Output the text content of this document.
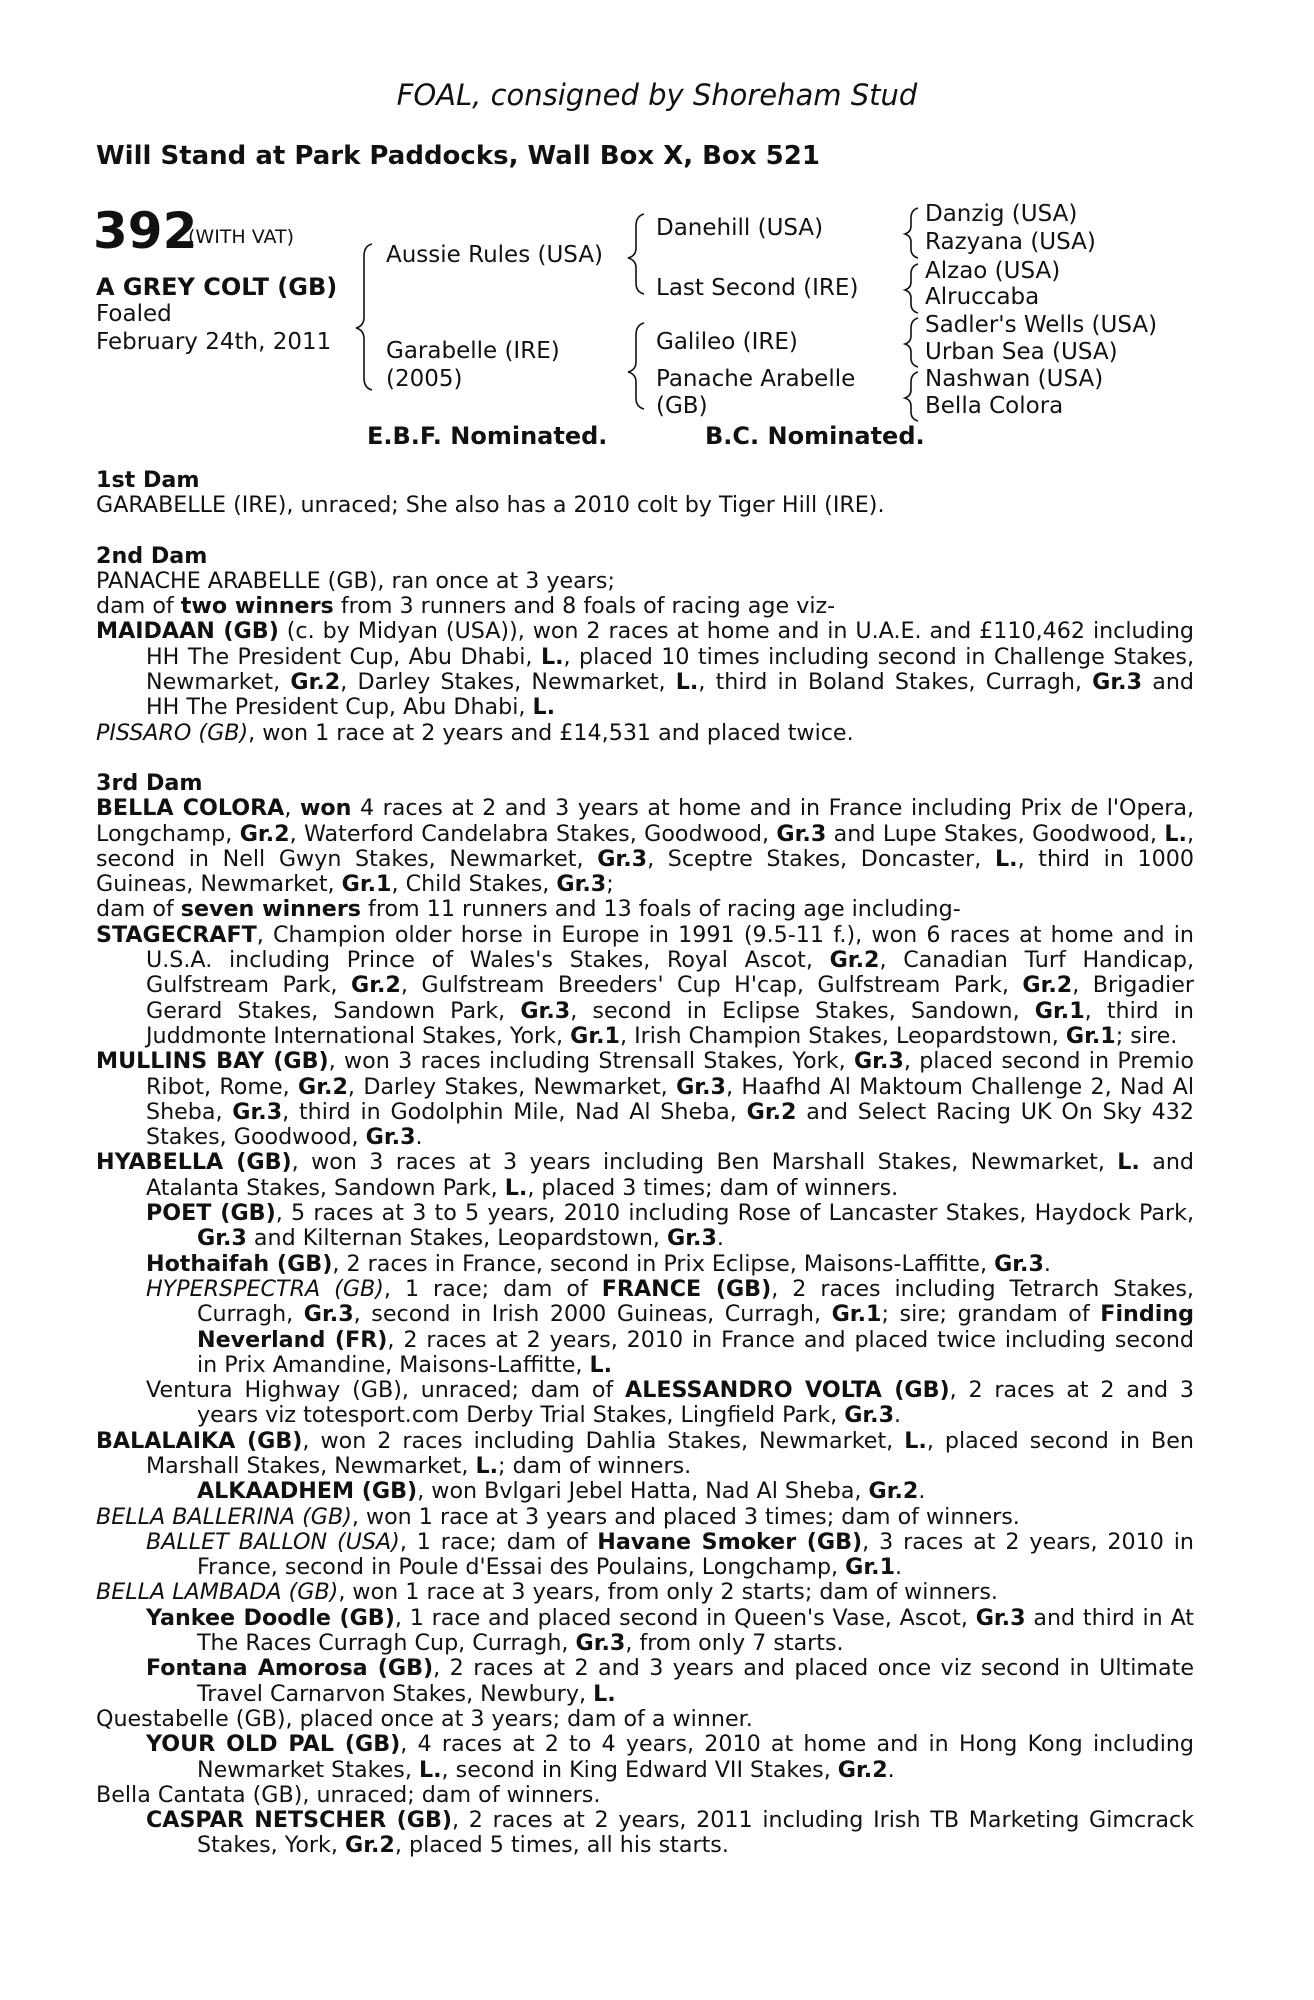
FOAL, consigned by Shoreham Stud
Will Stand at Park Paddocks, Wall Box X, Box 521
392
(WITH VAT)
A GREY COLT (GB)
Foaled
February 24th, 2011
Aussie Rules (USA)
Garabelle (IRE)
(2005)
Danehill (USA)
Last Second (IRE)
Galileo (IRE)
Panache Arabelle
(GB)
Danzig (USA)
Razyana (USA)
Alzao (USA)
Alruccaba
Sadler's Wells (USA)
Urban Sea (USA)
Nashwan (USA)
Bella Colora
E.B.F. Nominated.	B.C. Nominated.
1st Dam
GARABELLE (IRE), unraced; She also has a 2010 colt by Tiger Hill (IRE).
2nd Dam
PANACHE ARABELLE (GB), ran once at 3 years;
dam of two winners from 3 runners and 8 foals of racing age viz-
MAIDAAN (GB) (c. by Midyan (USA)), won 2 races at home and in U.A.E. and £110,462 including HH The President Cup, Abu Dhabi, L., placed 10 times including second in Challenge Stakes, Newmarket, Gr.2, Darley Stakes, Newmarket, L., third in Boland Stakes, Curragh, Gr.3 and HH The President Cup, Abu Dhabi, L.
PISSARO (GB), won 1 race at 2 years and £14,531 and placed twice.
3rd Dam
BELLA COLORA, won 4 races at 2 and 3 years at home and in France including Prix de l'Opera, Longchamp, Gr.2, Waterford Candelabra Stakes, Goodwood, Gr.3 and Lupe Stakes, Goodwood, L., second in Nell Gwyn Stakes, Newmarket, Gr.3, Sceptre Stakes, Doncaster, L., third in 1000 Guineas, Newmarket, Gr.1, Child Stakes, Gr.3;
dam of seven winners from 11 runners and 13 foals of racing age including-
STAGECRAFT, Champion older horse in Europe in 1991 (9.5-11 f.), won 6 races at home and in U.S.A. including Prince of Wales's Stakes, Royal Ascot, Gr.2, Canadian Turf Handicap, Gulfstream Park, Gr.2, Gulfstream Breeders' Cup H'cap, Gulfstream Park, Gr.2, Brigadier Gerard Stakes, Sandown Park, Gr.3, second in Eclipse Stakes, Sandown, Gr.1, third in Juddmonte International Stakes, York, Gr.1, Irish Champion Stakes, Leopardstown, Gr.1; sire.
MULLINS BAY (GB), won 3 races including Strensall Stakes, York, Gr.3, placed second in Premio Ribot, Rome, Gr.2, Darley Stakes, Newmarket, Gr.3, Haafhd Al Maktoum Challenge 2, Nad Al Sheba, Gr.3, third in Godolphin Mile, Nad Al Sheba, Gr.2 and Select Racing UK On Sky 432 Stakes, Goodwood, Gr.3.
HYABELLA (GB), won 3 races at 3 years including Ben Marshall Stakes, Newmarket, L. and Atalanta Stakes, Sandown Park, L., placed 3 times; dam of winners.
POET (GB), 5 races at 3 to 5 years, 2010 including Rose of Lancaster Stakes, Haydock Park, Gr.3 and Kilternan Stakes, Leopardstown, Gr.3.
Hothaifah (GB), 2 races in France, second in Prix Eclipse, Maisons-Laffitte, Gr.3.
HYPERSPECTRA (GB), 1 race; dam of FRANCE (GB), 2 races including Tetrarch Stakes, Curragh, Gr.3, second in Irish 2000 Guineas, Curragh, Gr.1; sire; grandam of Finding Neverland (FR), 2 races at 2 years, 2010 in France and placed twice including second in Prix Amandine, Maisons-Laffitte, L.
Ventura Highway (GB), unraced; dam of ALESSANDRO VOLTA (GB), 2 races at 2 and 3 years viz totesport.com Derby Trial Stakes, Lingfield Park, Gr.3.
BALALAIKA (GB), won 2 races including Dahlia Stakes, Newmarket, L., placed second in Ben Marshall Stakes, Newmarket, L.; dam of winners.
ALKAADHEM (GB), won Bvlgari Jebel Hatta, Nad Al Sheba, Gr.2.
BELLA BALLERINA (GB), won 1 race at 3 years and placed 3 times; dam of winners.
BALLET BALLON (USA), 1 race; dam of Havane Smoker (GB), 3 races at 2 years, 2010 in France, second in Poule d'Essai des Poulains, Longchamp, Gr.1.
BELLA LAMBADA (GB), won 1 race at 3 years, from only 2 starts; dam of winners.
Yankee Doodle (GB), 1 race and placed second in Queen's Vase, Ascot, Gr.3 and third in At The Races Curragh Cup, Curragh, Gr.3, from only 7 starts.
Fontana Amorosa (GB), 2 races at 2 and 3 years and placed once viz second in Ultimate Travel Carnarvon Stakes, Newbury, L.
Questabelle (GB), placed once at 3 years; dam of a winner.
YOUR OLD PAL (GB), 4 races at 2 to 4 years, 2010 at home and in Hong Kong including Newmarket Stakes, L., second in King Edward VII Stakes, Gr.2.
Bella Cantata (GB), unraced; dam of winners.
CASPAR NETSCHER (GB), 2 races at 2 years, 2011 including Irish TB Marketing Gimcrack Stakes, York, Gr.2, placed 5 times, all his starts.
